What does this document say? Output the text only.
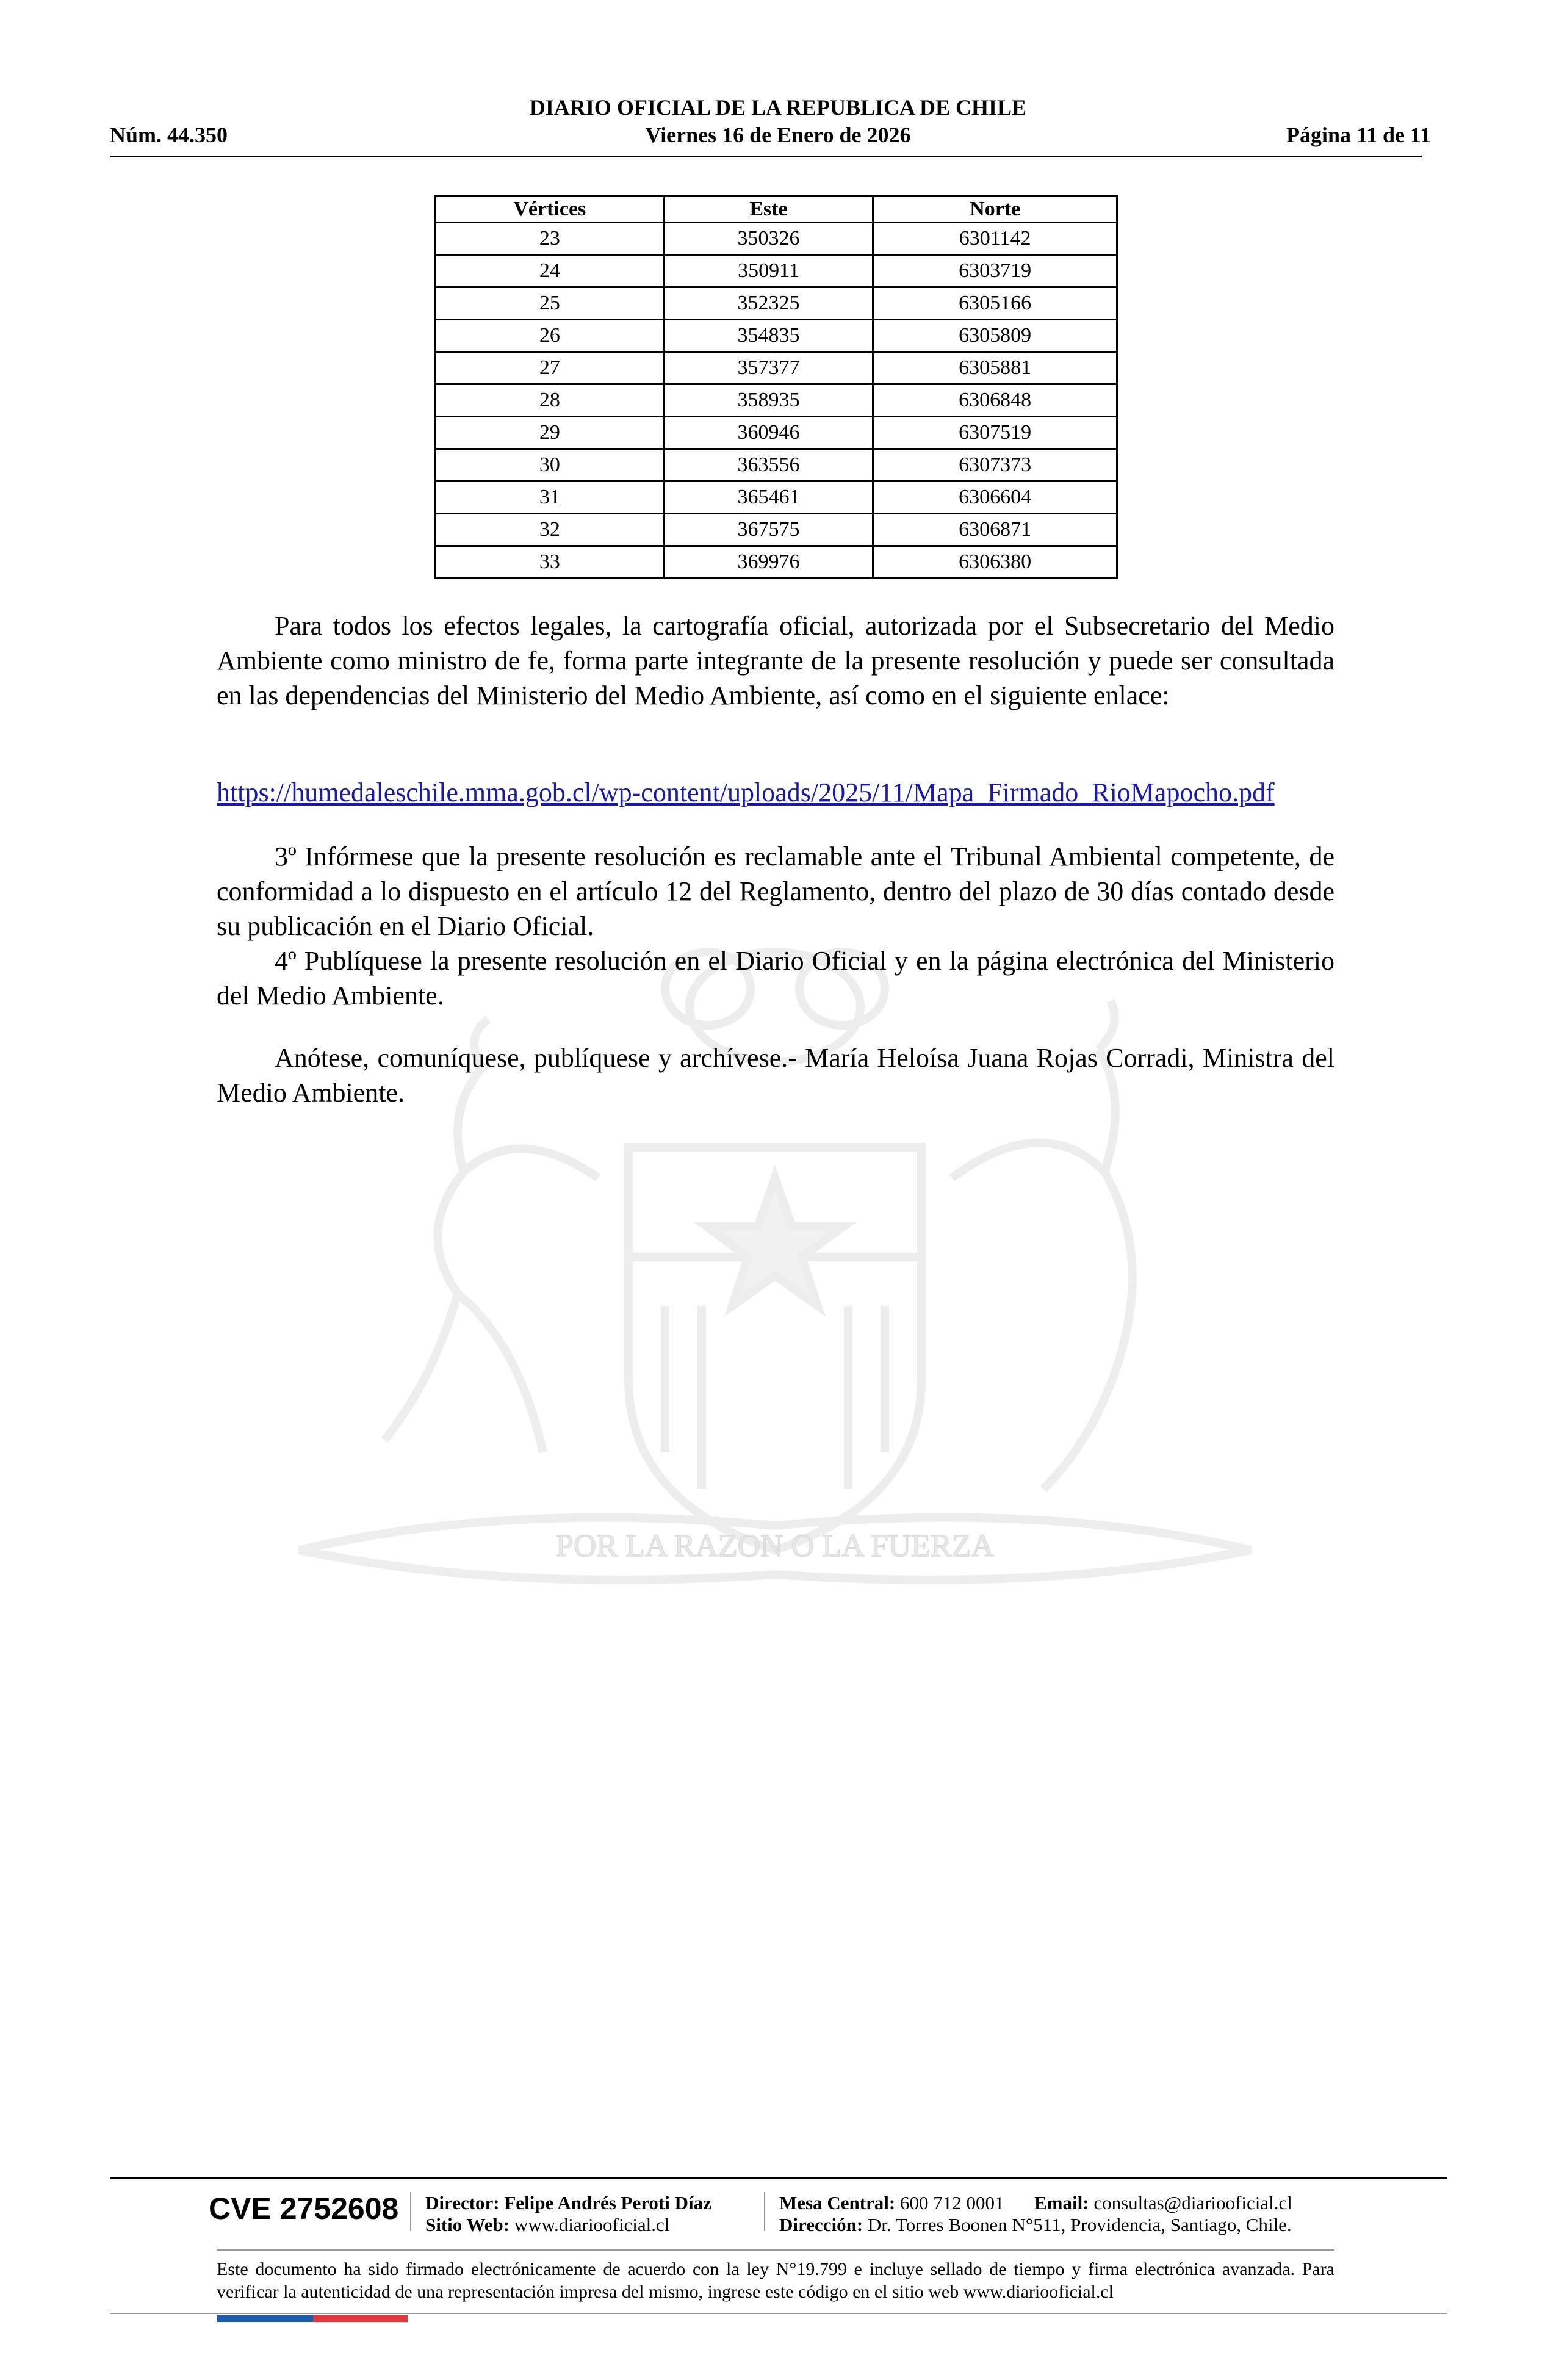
DIARIO OFICIAL DE LA REPUBLICA DE CHILE
Núm. 44.350	Viernes 16 de Enero de 2026	Página 11 de 11
POR LA RAZON O LA FUERZA
Vértices	Este	Norte
23	350326	6301142
24	350911	6303719
25	352325	6305166
26	354835	6305809
27	357377	6305881
28	358935	6306848
29	360946	6307519
30	363556	6307373
31	365461	6306604
32	367575	6306871
33	369976	6306380

Para todos los efectos legales, la cartografía oficial, autorizada por el Subsecretario del Medio Ambiente como ministro de fe, forma parte integrante de la presente resolución y puede ser consultada en las dependencias del Ministerio del Medio Ambiente, así como en el siguiente enlace:

https://humedaleschile.mma.gob.cl/wp-content/uploads/2025/11/Mapa_Firmado_RioMapocho.pdf

3º Infórmese que la presente resolución es reclamable ante el Tribunal Ambiental competente, de conformidad a lo dispuesto en el artículo 12 del Reglamento, dentro del plazo de 30 días contado desde su publicación en el Diario Oficial.

4º Publíquese la presente resolución en el Diario Oficial y en la página electrónica del Ministerio del Medio Ambiente.

Anótese, comuníquese, publíquese y archívese.- María Heloísa Juana Rojas Corradi, Ministra del Medio Ambiente.

CVE 2752608 Director: Felipe Andrés Peroti Díaz
Sitio Web: www.diariooficial.cl
Mesa Central: 600 712 0001 Email: consultas@diariooficial.cl
Dirección: Dr. Torres Boonen N°511, Providencia, Santiago, Chile.
Este documento ha sido firmado electrónicamente de acuerdo con la ley N°19.799 e incluye sellado de tiempo y firma electrónica avanzada. Para verificar la autenticidad de una representación impresa del mismo, ingrese este código en el sitio web www.diariooficial.cl
